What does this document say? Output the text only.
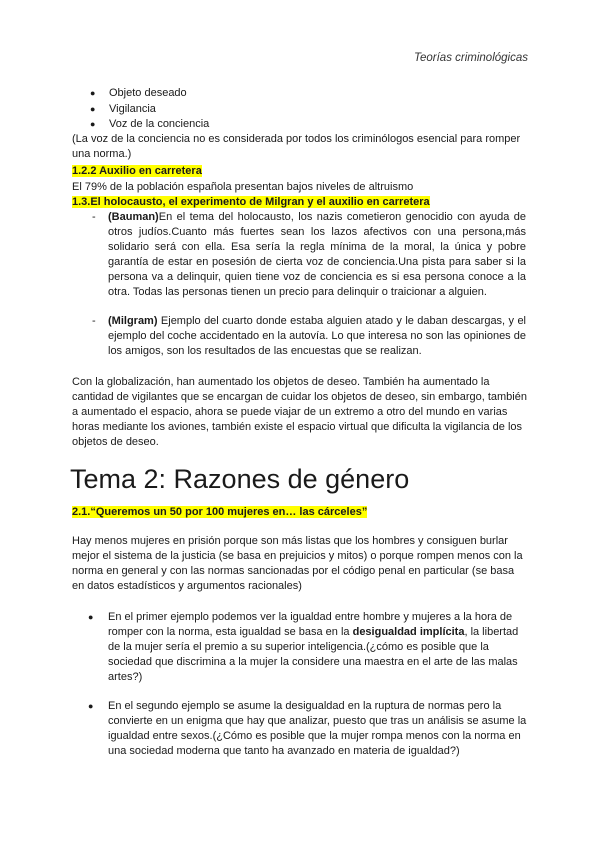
Teorías criminológicas
● Objeto deseado
● Vigilancia
● Voz de la conciencia
(La voz de la conciencia no es considerada por todos los criminólogos esencial para romper una norma.)
1.2.2 Auxilio en carretera
El 79% de la población española presentan bajos niveles de altruismo
1.3.El holocausto, el experimento de Milgran y el auxilio en carretera
- (Bauman)En el tema del holocausto, los nazis cometieron genocidio con ayuda de otros judíos.Cuanto más fuertes sean los lazos afectivos con una persona,más solidario será con ella. Esa sería la regla mínima de la moral, la única y pobre garantía de estar en posesión de cierta voz de conciencia.Una pista para saber si la persona va a delinquir, quien tiene voz de conciencia es si esa persona conoce a la otra. Todas las personas tienen un precio para delinquir o traicionar a alguien.
- (Milgram) Ejemplo del cuarto donde estaba alguien atado y le daban descargas, y el ejemplo del coche accidentado en la autovía. Lo que interesa no son las opiniones de los amigos, son los resultados de las encuestas que se realizan.
Con la globalización, han aumentado los objetos de deseo. También ha aumentado la cantidad de vigilantes que se encargan de cuidar los objetos de deseo, sin embargo, también a aumentado el espacio, ahora se puede viajar de un extremo a otro del mundo en varias horas mediante los aviones, también existe el espacio virtual que dificulta la vigilancia de los objetos de deseo.
Tema 2: Razones de género
2.1.“Queremos un 50 por 100 mujeres en… las cárceles”
Hay menos mujeres en prisión porque son más listas que los hombres y consiguen burlar mejor el sistema de la justicia (se basa en prejuicios y mitos) o porque rompen menos con la norma en general y con las normas sancionadas por el código penal en particular (se basa en datos estadísticos y argumentos racionales)
● En el primer ejemplo podemos ver la igualdad entre hombre y mujeres a la hora de romper con la norma, esta igualdad se basa en la desigualdad implícita, la libertad de la mujer sería el premio a su superior inteligencia.(¿cómo es posible que la sociedad que discrimina a la mujer la considere una maestra en el arte de las malas artes?)
● En el segundo ejemplo se asume la desigualdad en la ruptura de normas pero la convierte en un enigma que hay que analizar, puesto que tras un análisis se asume la igualdad entre sexos.(¿Cómo es posible que la mujer rompa menos con la norma en una sociedad moderna que tanto ha avanzado en materia de igualdad?)
